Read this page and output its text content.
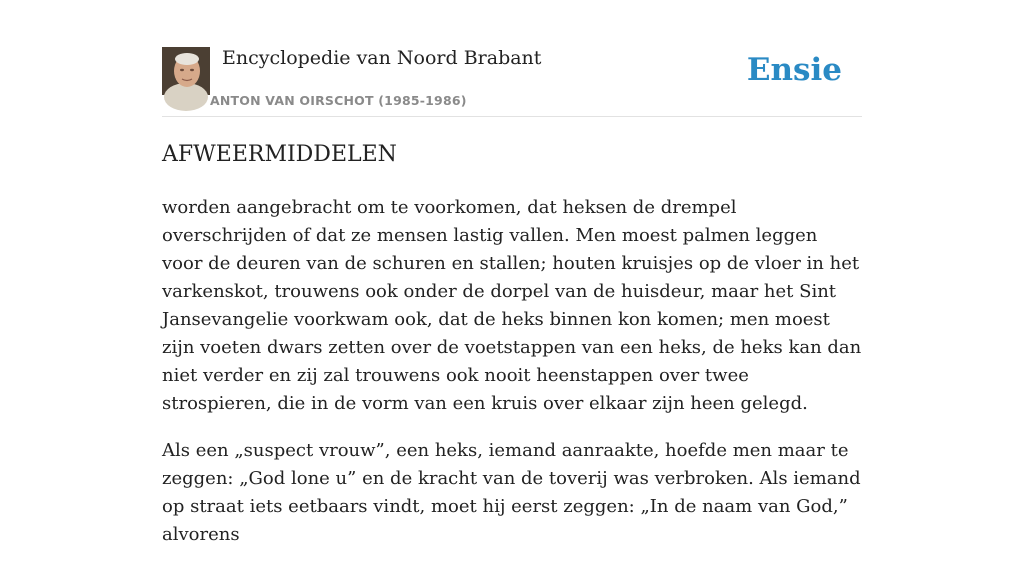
Encyclopedie van Noord Brabant
ANTON VAN OIRSCHOT (1985-1986)
Ensie
AFWEERMIDDELEN

worden aangebracht om te voorkomen, dat heksen de drempel overschrijden of dat ze mensen lastig vallen. Men moest palmen leggen voor de deuren van de schuren en stallen; houten kruisjes op de vloer in het varkenskot, trouwens ook onder de dorpel van de huisdeur, maar het Sint Jansevangelie voorkwam ook, dat de heks binnen kon komen; men moest zijn voeten dwars zetten over de voetstappen van een heks, de heks kan dan niet verder en zij zal trouwens ook nooit heenstappen over twee strospieren, die in de vorm van een kruis over elkaar zijn heen gelegd.

Als een „suspect vrouw”, een heks, iemand aanraakte, hoefde men maar te zeggen: „God lone u” en de kracht van de toverij was verbroken. Als iemand op straat iets eetbaars vindt, moet hij eerst zeggen: „In de naam van God,” alvorens
